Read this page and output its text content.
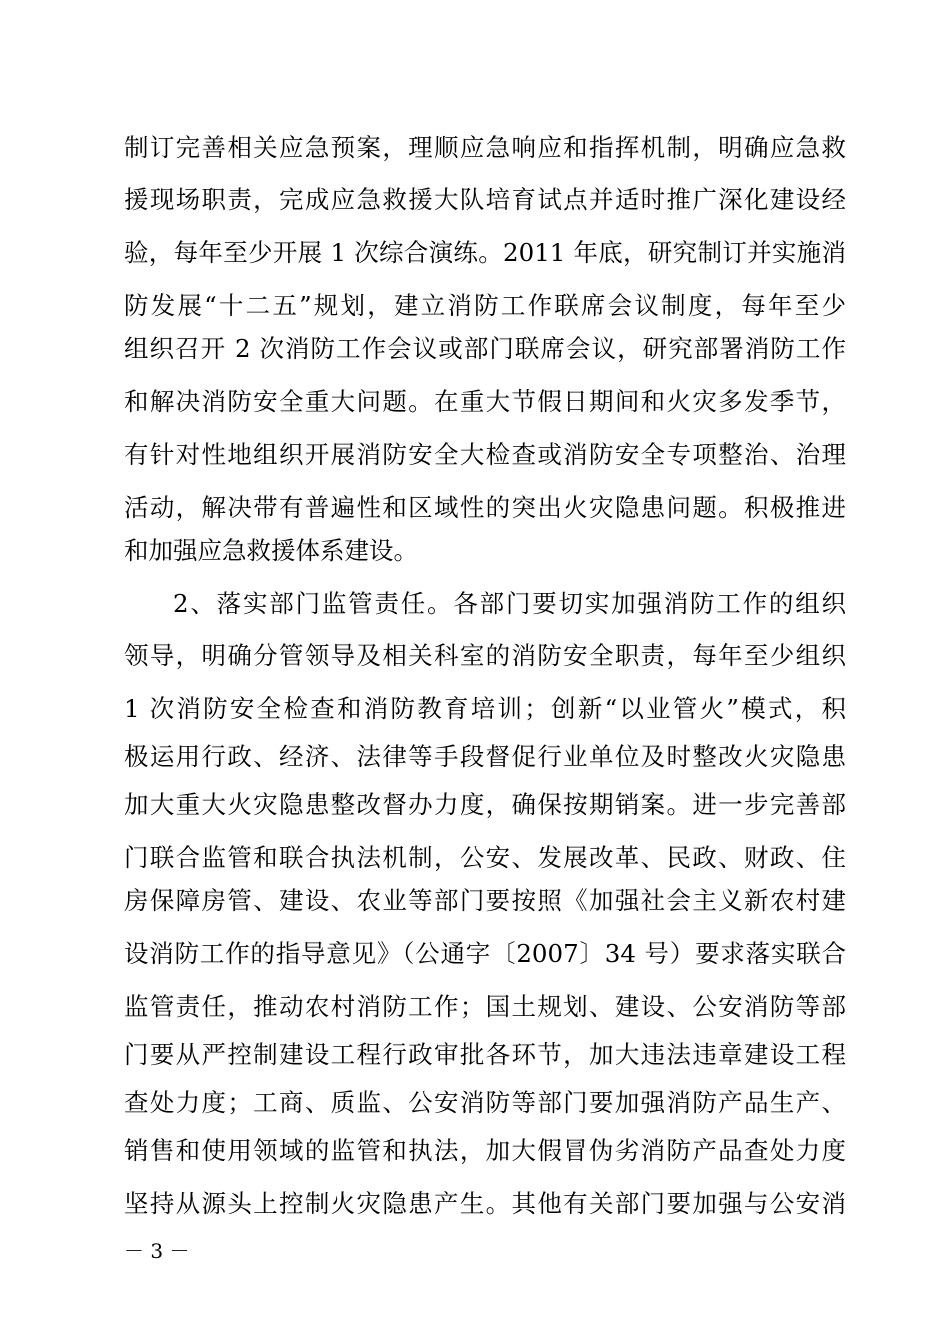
制订完善相关应急预案，理顺应急响应和指挥机制，明确应急救
援现场职责，完成应急救援大队培育试点并适时推广深化建设经
验，每年至少开展 1 次综合演练。2011 年底，研究制订并实施消
防发展“十二五”规划，建立消防工作联席会议制度，每年至少
组织召开 2 次消防工作会议或部门联席会议，研究部署消防工作
和解决消防安全重大问题。在重大节假日期间和火灾多发季节，
有针对性地组织开展消防安全大检查或消防安全专项整治、治理
活动，解决带有普遍性和区域性的突出火灾隐患问题。积极推进
和加强应急救援体系建设。
2、落实部门监管责任。各部门要切实加强消防工作的组织
领导，明确分管领导及相关科室的消防安全职责，每年至少组织
1 次消防安全检查和消防教育培训；创新“以业管火”模式，积
极运用行政、经济、法律等手段督促行业单位及时整改火灾隐患
加大重大火灾隐患整改督办力度，确保按期销案。进一步完善部
门联合监管和联合执法机制，公安、发展改革、民政、财政、住
房保障房管、建设、农业等部门要按照《加强社会主义新农村建
设消防工作的指导意见》（公通字〔2007〕34 号）要求落实联合
监管责任，推动农村消防工作；国土规划、建设、公安消防等部
门要从严控制建设工程行政审批各环节，加大违法违章建设工程
查处力度；工商、质监、公安消防等部门要加强消防产品生产、
销售和使用领域的监管和执法，加大假冒伪劣消防产品查处力度
坚持从源头上控制火灾隐患产生。其他有关部门要加强与公安消
－ 3 －
